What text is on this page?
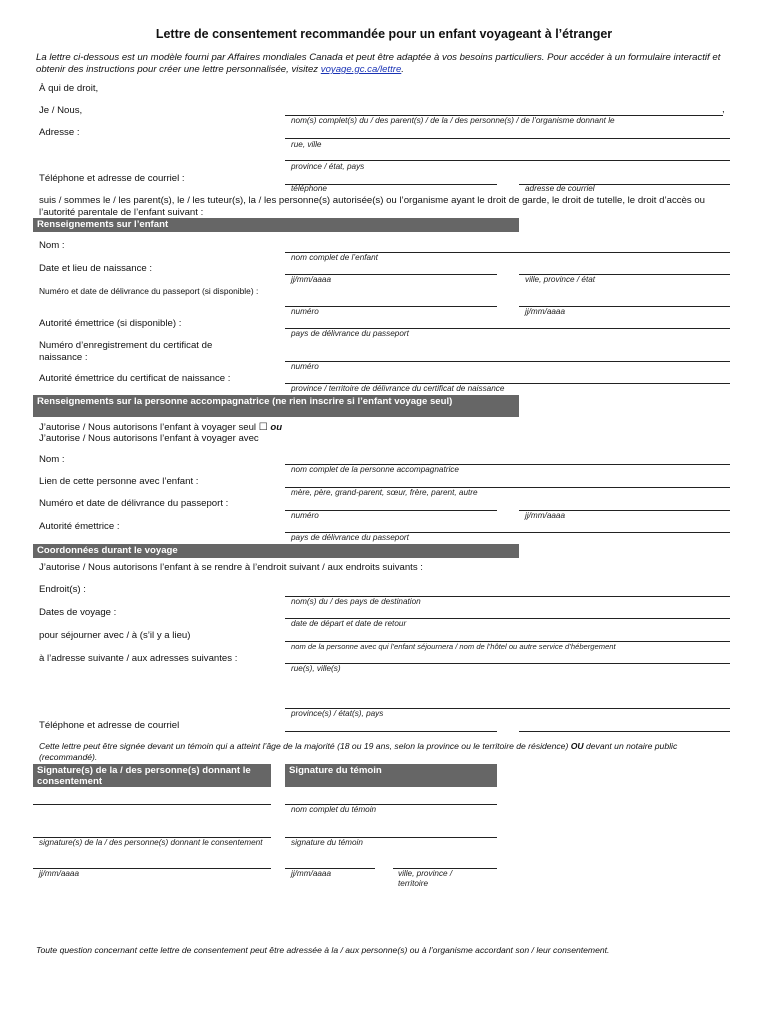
Lettre de consentement recommandée pour un enfant voyageant à l’étranger
La lettre ci-dessous est un modèle fourni par Affaires mondiales Canada et peut être adaptée à vos besoins particuliers. Pour accéder à un formulaire interactif et obtenir des instructions pour créer une lettre personnalisée, visitez voyage.gc.ca/lettre.
À qui de droit,
Je / Nous,	,
nom(s) complet(s) du / des parent(s) / de la / des personne(s) / de l’organisme donnant le
Adresse :
rue, ville
province / état, pays
Téléphone et adresse de courriel :
téléphone	adresse de courriel
suis / sommes le / les parent(s), le / les tuteur(s), la / les personne(s) autorisée(s) ou l’organisme ayant le droit de garde, le droit de tutelle, le droit d’accès ou l’autorité parentale de l’enfant suivant :
Renseignements sur l’enfant
Nom :
nom complet de l’enfant
Date et lieu de naissance :
jj/mm/aaaa	ville, province / état
Numéro et date de délivrance du passeport (si disponible) :
numéro	jj/mm/aaaa
Autorité émettrice (si disponible) :
pays de délivrance du passeport
Numéro d’enregistrement du certificat de naissance :
numéro
Autorité émettrice du certificat de naissance :
province / territoire de délivrance du certificat de naissance
Renseignements sur la personne accompagnatrice (ne rien inscrire si l’enfant voyage seul)
J’autorise / Nous autorisons l’enfant à voyager seul ☐ ou
J’autorise / Nous autorisons l’enfant à voyager avec
Nom :
nom complet de la personne accompagnatrice
Lien de cette personne avec l’enfant :
mère, père, grand-parent, sœur, frère, parent, autre
Numéro et date de délivrance du passeport :
numéro	jj/mm/aaaa
Autorité émettrice :
pays de délivrance du passeport
Coordonnées durant le voyage
J’autorise / Nous autorisons l’enfant à se rendre à l’endroit suivant / aux endroits suivants :
Endroit(s) :
nom(s) du / des pays de destination
Dates de voyage :
date de départ et date de retour
pour séjourner avec / à (s’il y a lieu)
nom de la personne avec qui l’enfant séjournera / nom de l’hôtel ou autre service d’hébergement
à l’adresse suivante / aux adresses suivantes :
rue(s), ville(s)
province(s) / état(s), pays
Téléphone et adresse de courriel
Cette lettre peut être signée devant un témoin qui a atteint l’âge de la majorité (18 ou 19 ans, selon la province ou le territoire de résidence) OU devant un notaire public (recommandé).
Signature(s) de la / des personne(s) donnant le consentement
Signature du témoin
nom complet du témoin
signature(s) de la / des personne(s) donnant le consentement	signature du témoin
jj/mm/aaaa	jj/mm/aaaa	ville, province / territoire
Toute question concernant cette lettre de consentement peut être adressée à la / aux personne(s) ou à l’organisme accordant son / leur consentement.
